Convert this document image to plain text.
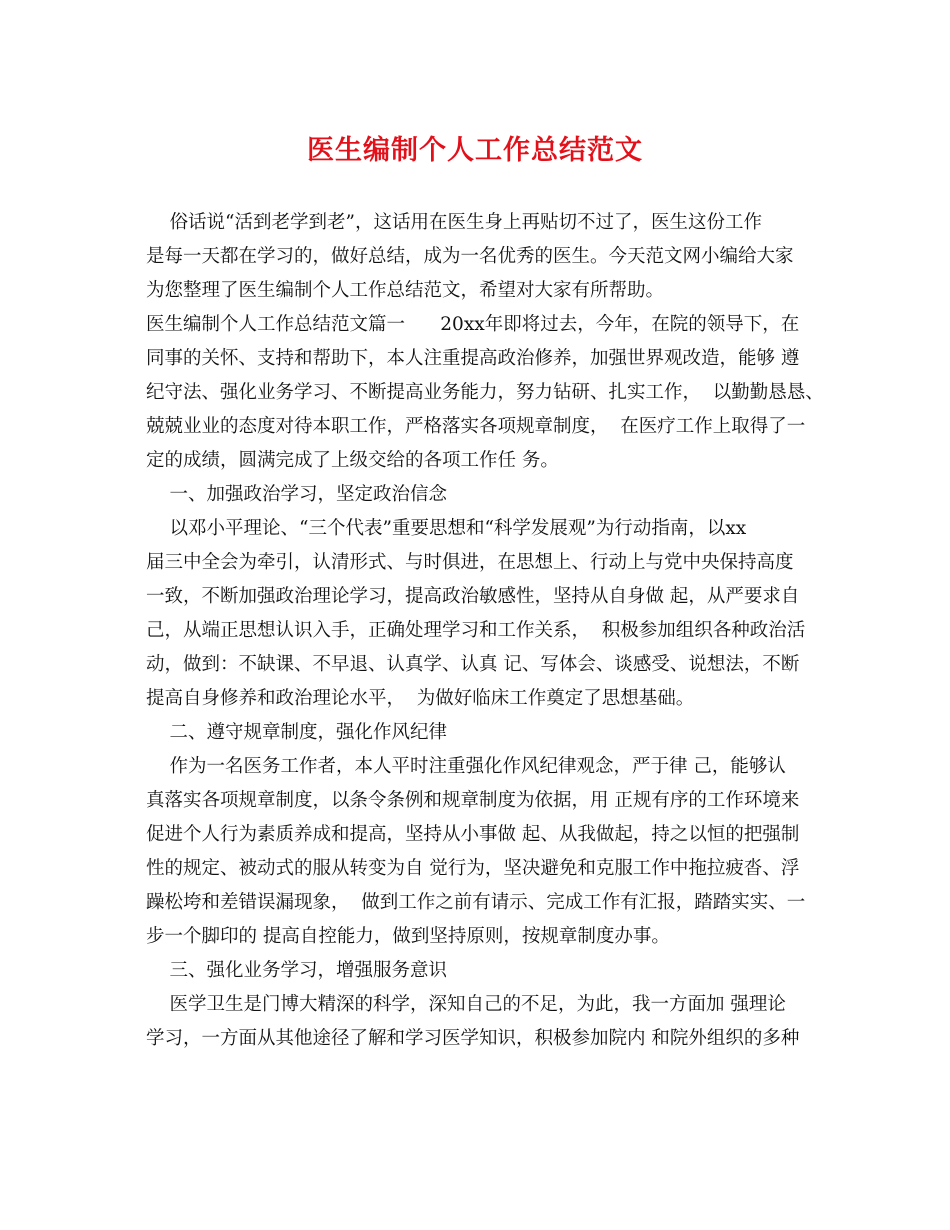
医生编制个人工作总结范文
俗话说“活到老学到老”，这话用在医生身上再贴切不过了，医生这份工作
是每一天都在学习的，做好总结，成为一名优秀的医生。今天范文网小编给大家
为您整理了医生编制个人工作总结范文，希望对大家有所帮助。
医生编制个人工作总结范文篇一      20xx年即将过去，今年，在院的领导下，在
同事的关怀、支持和帮助下，本人注重提高政治修养，加强世界观改造，能够 遵
纪守法、强化业务学习、不断提高业务能力，努力钻研、扎实工作，  以勤勤恳恳、
兢兢业业的态度对待本职工作，严格落实各项规章制度，  在医疗工作上取得了一
定的成绩，圆满完成了上级交给的各项工作任 务。
一、加强政治学习，坚定政治信念
以邓小平理论、“三个代表”重要思想和“科学发展观”为行动指南，以xx
届三中全会为牵引，认清形式、与时俱进，在思想上、行动上与党中央保持高度
一致，不断加强政治理论学习，提高政治敏感性，坚持从自身做 起，从严要求自
己，从端正思想认识入手，正确处理学习和工作关系，  积极参加组织各种政治活
动，做到：不缺课、不早退、认真学、认真 记、写体会、谈感受、说想法，不断
提高自身修养和政治理论水平，  为做好临床工作奠定了思想基础。
二、遵守规章制度，强化作风纪律
作为一名医务工作者，本人平时注重强化作风纪律观念，严于律 己，能够认
真落实各项规章制度，以条令条例和规章制度为依据，用 正规有序的工作环境来
促进个人行为素质养成和提高，坚持从小事做 起、从我做起，持之以恒的把强制
性的规定、被动式的服从转变为自 觉行为，坚决避免和克服工作中拖拉疲沓、浮
躁松垮和差错误漏现象，  做到工作之前有请示、完成工作有汇报，踏踏实实、一
步一个脚印的 提高自控能力，做到坚持原则，按规章制度办事。
三、强化业务学习，增强服务意识
医学卫生是门博大精深的科学，深知自己的不足，为此，我一方面加 强理论
学习，一方面从其他途径了解和学习医学知识，积极参加院内 和院外组织的多种
